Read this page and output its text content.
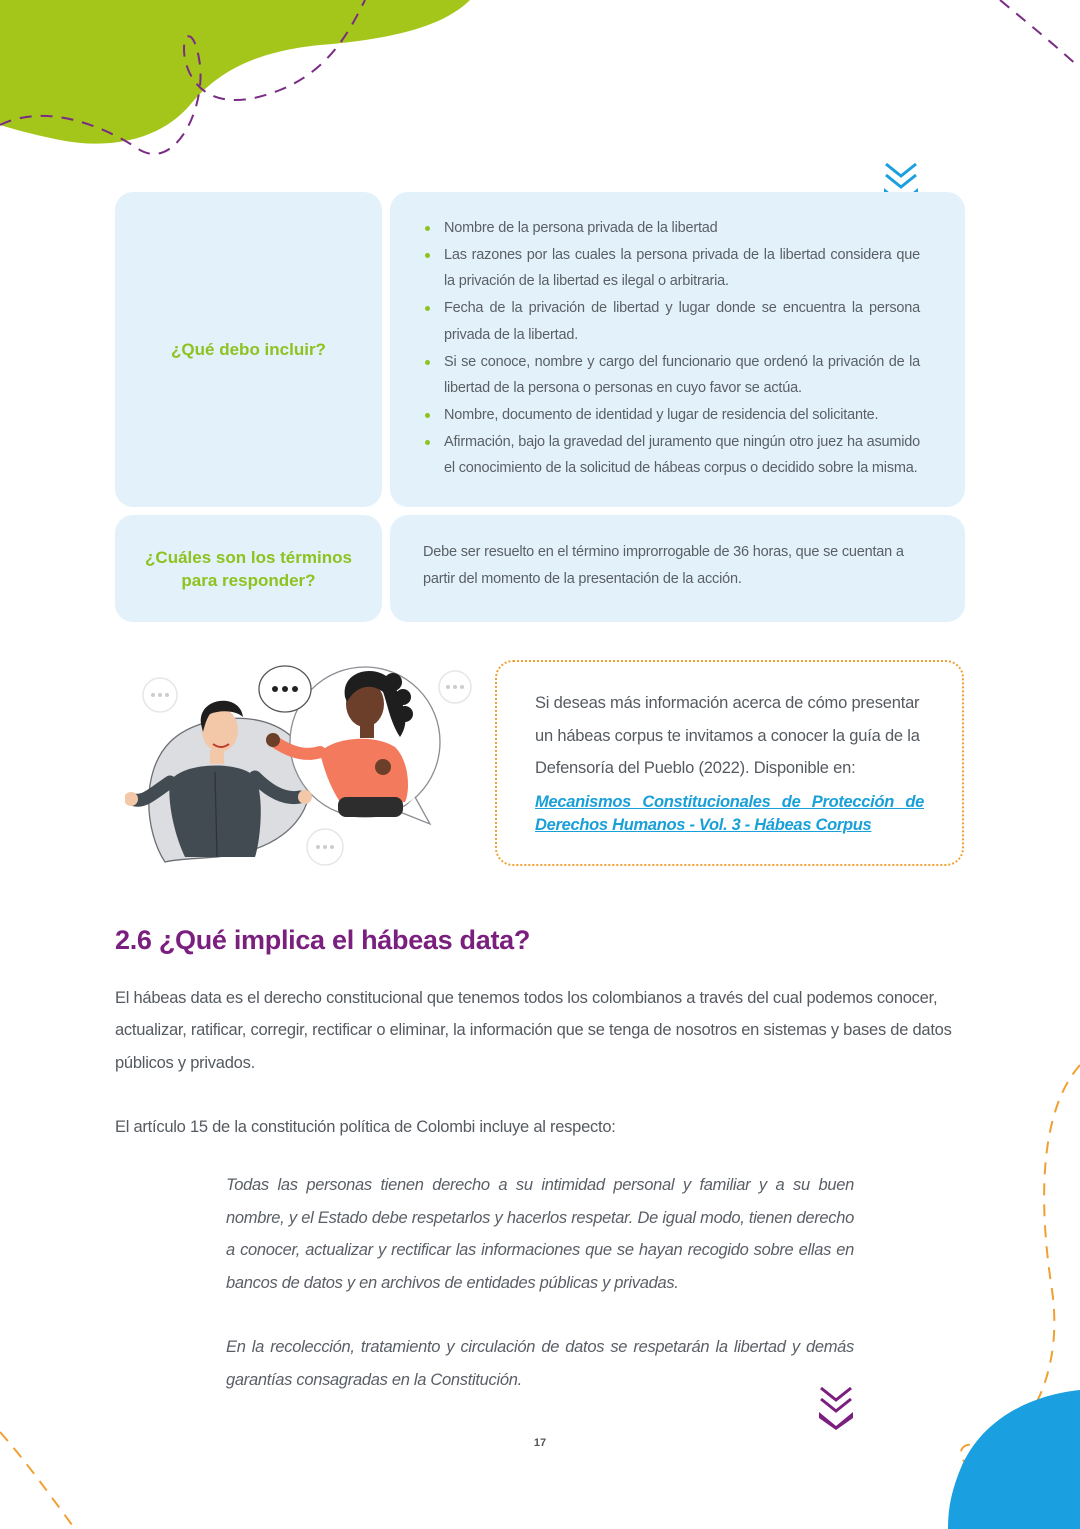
¿Qué debo incluir?
Nombre de la persona privada de la libertad
Las razones por las cuales la persona privada de la libertad considera que la privación de la libertad es ilegal o arbitraria.
Fecha de la privación de libertad y lugar donde se encuentra la persona privada de la libertad.
Si se conoce, nombre y cargo del funcionario que ordenó la privación de la libertad de la persona o personas en cuyo favor se actúa.
Nombre, documento de identidad y lugar de residencia del solicitante.
Afirmación, bajo la gravedad del juramento que ningún otro juez ha asumido el conocimiento de la solicitud de hábeas corpus o decidido sobre la misma.
¿Cuáles son los términos
para responder?
Debe ser resuelto en el término improrrogable de 36 horas, que se cuentan a partir del momento de la presentación de la acción.
Si deseas más información acerca de cómo presentar un hábeas corpus te invitamos a conocer la guía de la Defensoría del Pueblo (2022). Disponible en:
Mecanismos Constitucionales de Protección de Derechos Humanos - Vol. 3 - Hábeas Corpus
2.6 ¿Qué implica el hábeas data?

El hábeas data es el derecho constitucional que tenemos todos los colombianos a través del cual podemos conocer, actualizar, ratificar, corregir, rectificar o eliminar, la información que se tenga de nosotros en sistemas y bases de datos públicos y privados.

El artículo 15 de la constitución política de Colombi incluye al respecto:

Todas las personas tienen derecho a su intimidad personal y familiar y a su buen nombre, y el Estado debe respetarlos y hacerlos respetar. De igual modo, tienen derecho a conocer, actualizar y rectificar las informaciones que se hayan recogido sobre ellas en bancos de datos y en archivos de entidades públicas y privadas.

En la recolección, tratamiento y circulación de datos se respetarán la libertad y demás garantías consagradas en la Constitución.

17
